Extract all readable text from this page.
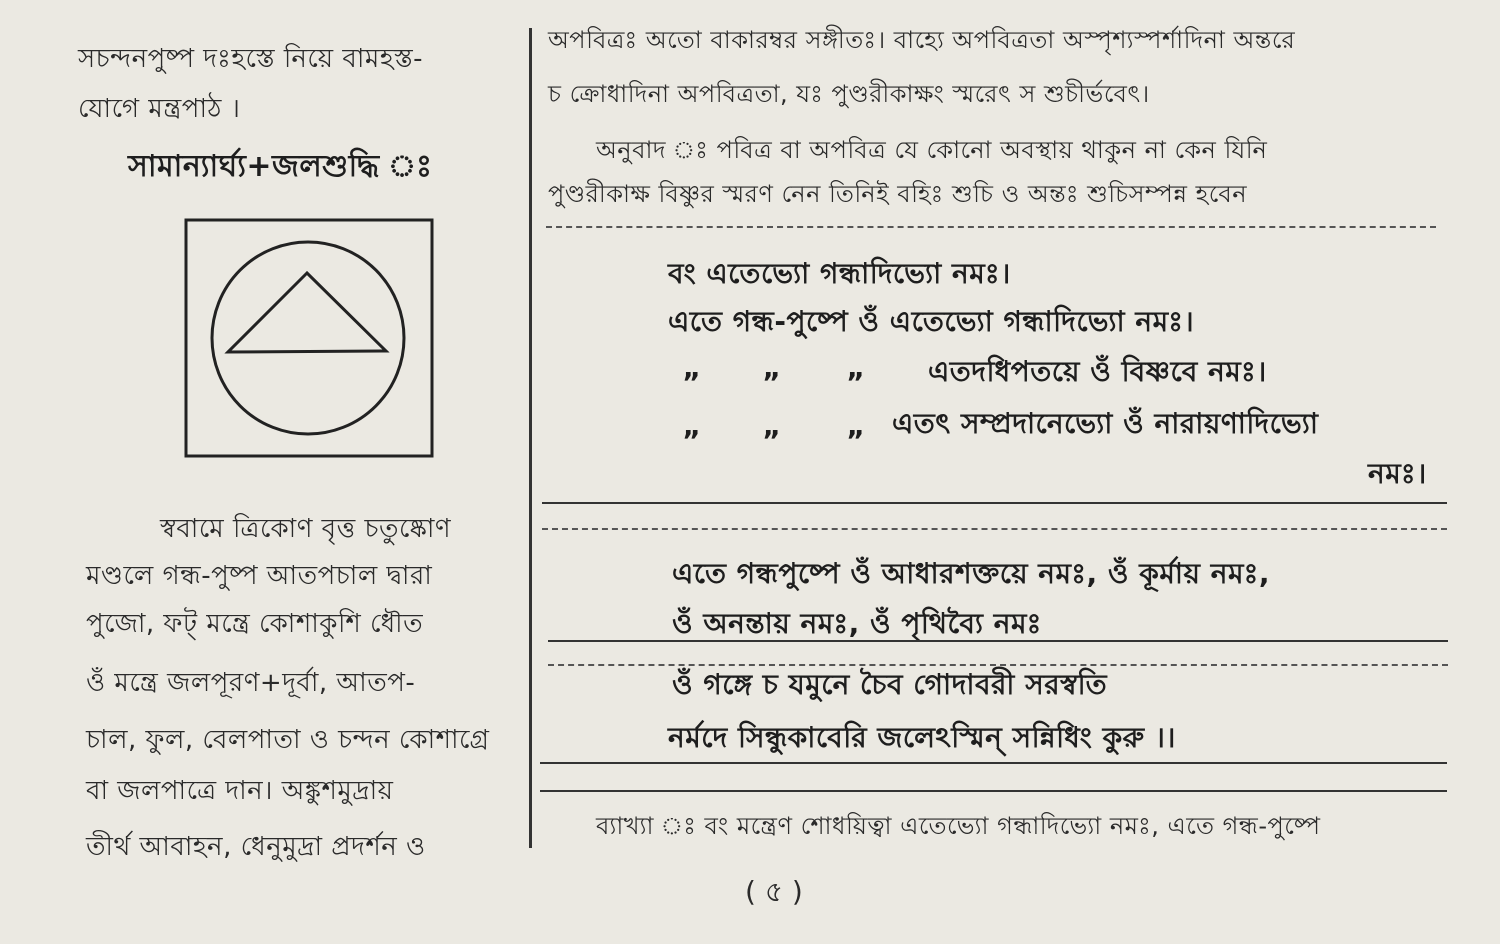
সচন্দনপুষ্প দঃহস্তে নিয়ে বামহস্ত-
যোগে মন্ত্রপাঠ ।
সামান্যার্ঘ্য+জলশুদ্ধি ঃ
স্ববামে ত্রিকোণ বৃত্ত চতুষ্কোণ
মণ্ডলে গন্ধ-পুষ্প আতপচাল দ্বারা
পুজো, ফট্ মন্ত্রে কোশাকুশি ধৌত
ওঁ মন্ত্রে জলপূরণ+দূর্বা, আতপ-
চাল, ফুল, বেলপাতা ও চন্দন কোশাগ্রে
বা জলপাত্রে দান। অঙ্কুশমুদ্রায়
তীর্থ আবাহন, ধেনুমুদ্রা প্রদর্শন ও
অপবিত্রঃ অতো বাকারম্বর সঙ্গীতঃ। বাহ্যে অপবিত্রতা অস্পৃশ্যস্পর্শাদিনা অন্তরে
চ ক্রোধাদিনা অপবিত্রতা, যঃ পুণ্ডরীকাক্ষং স্মরেৎ স শুচীর্ভবেৎ।
অনুবাদ ঃ পবিত্র বা অপবিত্র যে কোনো অবস্থায় থাকুন না কেন যিনি
পুণ্ডরীকাক্ষ বিষ্ণুর স্মরণ নেন তিনিই বহিঃ শুচি ও অন্তঃ শুচিসম্পন্ন হবেন
বং এতেভ্যো গন্ধাদিভ্যো নমঃ।
এতে গন্ধ-পুষ্পে ওঁ এতেভ্যো গন্ধাদিভ্যো নমঃ।
” ” ” এতদধিপতয়ে ওঁ বিষ্ণবে নমঃ।
” ” ”
এতৎ সম্প্রদানেভ্যো ওঁ নারায়ণাদিভ্যো
নমঃ।
এতে গন্ধপুষ্পে ওঁ আধারশক্তয়ে নমঃ, ওঁ কূর্মায় নমঃ,
ওঁ অনন্তায় নমঃ, ওঁ পৃথিব্যৈ নমঃ
ওঁ গঙ্গে চ যমুনে চৈব গোদাবরী সরস্বতি
নর্মদে সিন্ধুকাবেরি জলেঽস্মিন্ সন্নিধিং কুরু ।।
ব্যাখ্যা ঃ বং মন্ত্রেণ শোধয়িত্বা এতেভ্যো গন্ধাদিভ্যো নমঃ, এতে গন্ধ-পুষ্পে
( ৫ )
